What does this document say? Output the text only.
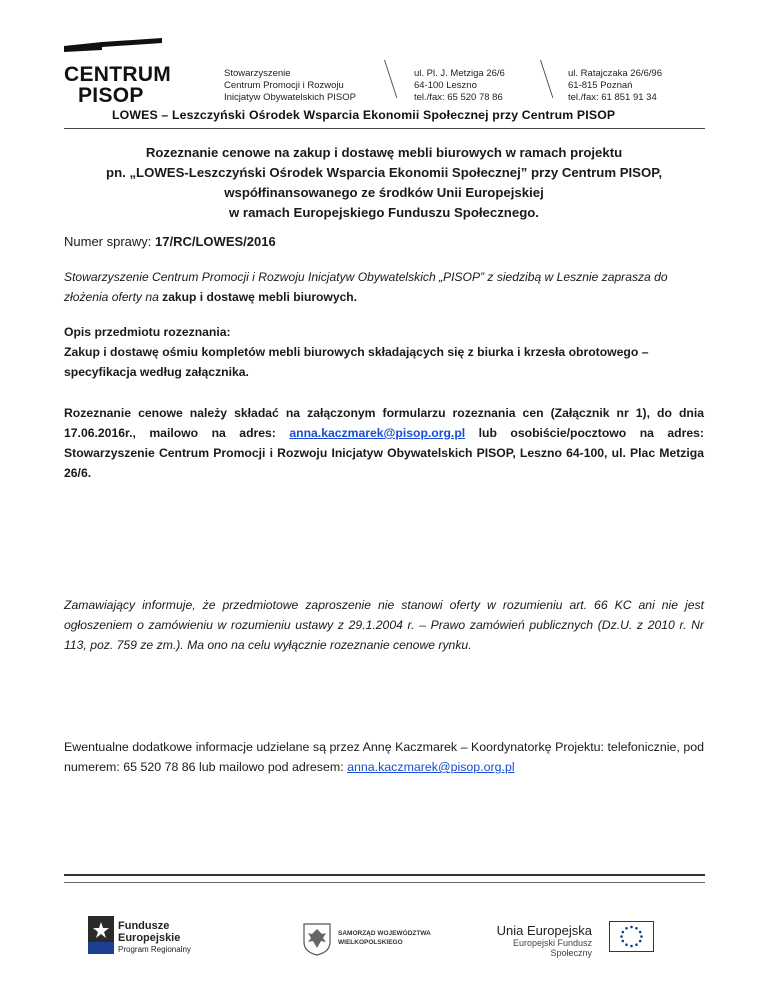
CENTRUM
PISOP
Stowarzyszenie
Centrum Promocji i Rozwoju
Inicjatyw Obywatelskich PISOP
ul. Pl. J. Metziga 26/6
64-100 Leszno
tel./fax: 65 520 78 86
ul. Ratajczaka 26/6/96
61-815 Poznań
tel./fax: 61 851 91 34
LOWES – Leszczyński Ośrodek Wsparcia Ekonomii Społecznej przy Centrum PISOP
Rozeznanie cenowe na zakup i dostawę mebli biurowych w ramach projektu
pn. „LOWES-Leszczyński Ośrodek Wsparcia Ekonomii Społecznej” przy Centrum PISOP,
współfinansowanego ze środków Unii Europejskiej
w ramach Europejskiego Funduszu Społecznego.
Numer sprawy: 17/RC/LOWES/2016
Stowarzyszenie Centrum Promocji i Rozwoju Inicjatyw Obywatelskich „PISOP” z siedzibą w Lesznie zaprasza do złożenia oferty na zakup i dostawę mebli biurowych.
Opis przedmiotu rozeznania:
Zakup i dostawę ośmiu kompletów mebli biurowych składających się z biurka i krzesła obrotowego – specyfikacja według załącznika.
Rozeznanie cenowe należy składać na załączonym formularzu rozeznania cen (Załącznik nr 1), do dnia 17.06.2016r., mailowo na adres: anna.kaczmarek@pisop.org.pl lub osobiście/pocztowo na adres: Stowarzyszenie Centrum Promocji i Rozwoju Inicjatyw Obywatelskich PISOP, Leszno 64-100, ul. Plac Metziga 26/6.
Zamawiający informuje, że przedmiotowe zaproszenie nie stanowi oferty w rozumieniu art. 66 KC ani nie jest ogłoszeniem o zamówieniu w rozumieniu ustawy z 29.1.2004 r. – Prawo zamówień publicznych (Dz.U. z 2010 r. Nr 113, poz. 759 ze zm.). Ma ono na celu wyłącznie rozeznanie cenowe rynku.
Ewentualne dodatkowe informacje udzielane są przez Annę Kaczmarek – Koordynatorkę Projektu: telefonicznie, pod numerem: 65 520 78 86 lub mailowo pod adresem: anna.kaczmarek@pisop.org.pl
Fundusze
Europejskie
Program Regionalny
SAMORZĄD WOJEWÓDZTWA
WIELKOPOLSKIEGO
Unia Europejska
Europejski Fundusz Społeczny
